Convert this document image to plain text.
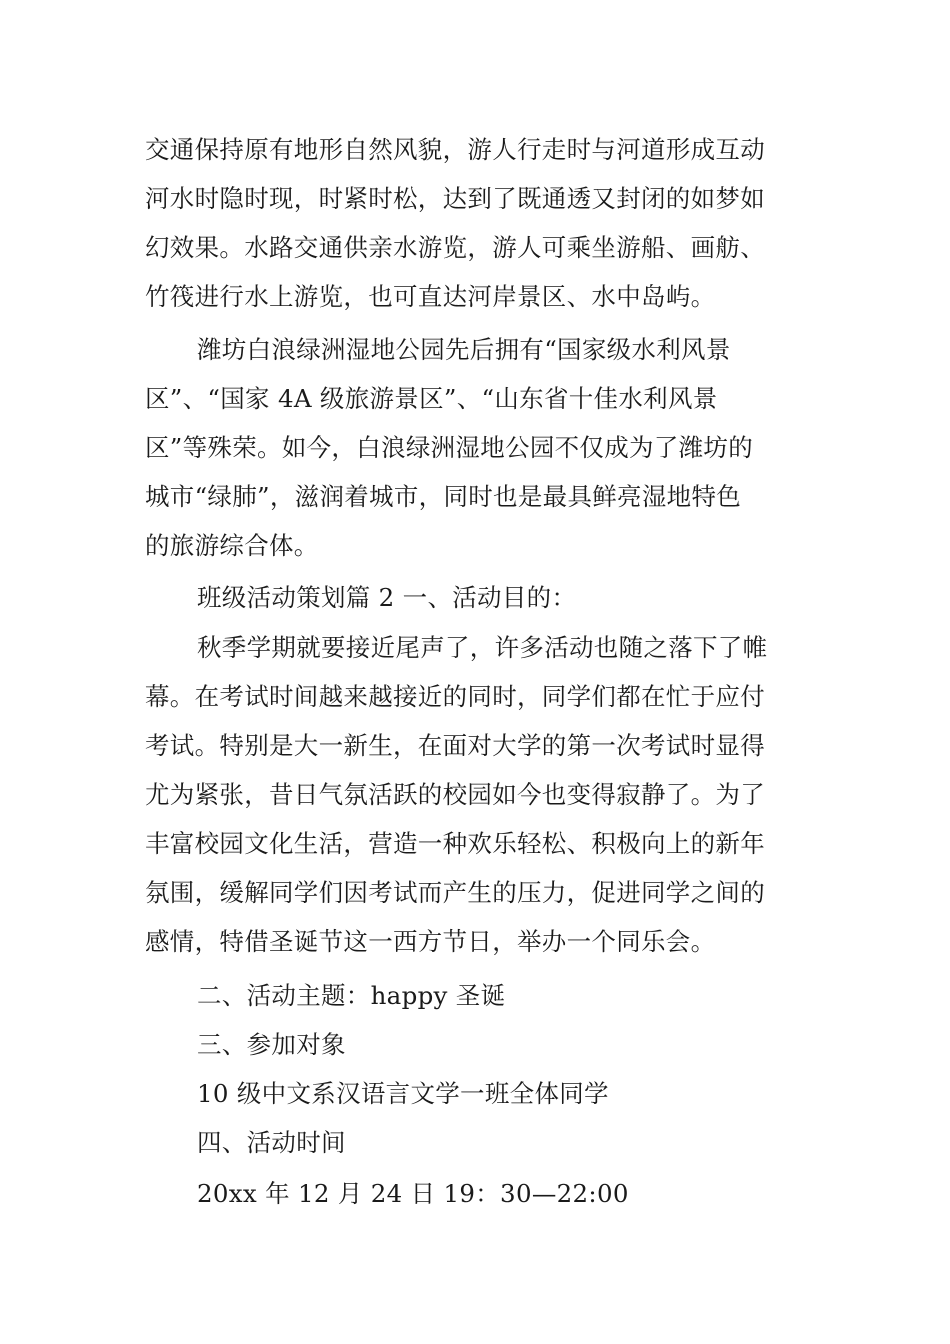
交通保持原有地形自然风貌，游人行走时与河道形成互动
河水时隐时现，时紧时松，达到了既通透又封闭的如梦如
幻效果。水路交通供亲水游览，游人可乘坐游船、画舫、
竹筏进行水上游览，也可直达河岸景区、水中岛屿。
潍坊白浪绿洲湿地公园先后拥有“国家级水利风景
区”、“国家 4A 级旅游景区”、“山东省十佳水利风景
区”等殊荣。如今，白浪绿洲湿地公园不仅成为了潍坊的
城市“绿肺”，滋润着城市，同时也是最具鲜亮湿地特色
的旅游综合体。
班级活动策划篇 2 一、活动目的：
秋季学期就要接近尾声了，许多活动也随之落下了帷
幕。在考试时间越来越接近的同时，同学们都在忙于应付
考试。特别是大一新生，在面对大学的第一次考试时显得
尤为紧张，昔日气氛活跃的校园如今也变得寂静了。为了
丰富校园文化生活，营造一种欢乐轻松、积极向上的新年
氛围，缓解同学们因考试而产生的压力，促进同学之间的
感情，特借圣诞节这一西方节日，举办一个同乐会。
二、活动主题：happy 圣诞
三、参加对象
10 级中文系汉语言文学一班全体同学
四、活动时间
20xx 年 12 月 24 日 19：30—22:00
